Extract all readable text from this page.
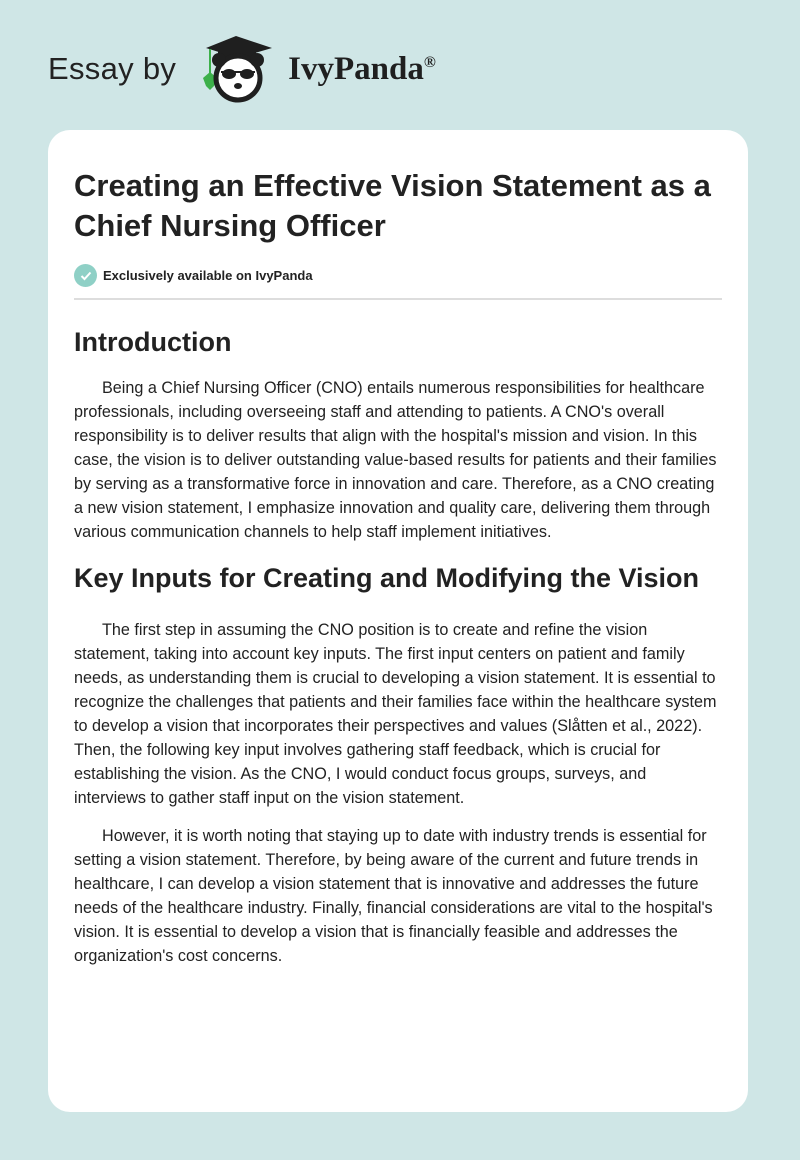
Essay by	IvyPanda®
Creating an Effective Vision Statement as a Chief Nursing Officer
Exclusively available on IvyPanda
Introduction

Being a Chief Nursing Officer (CNO) entails numerous responsibilities for healthcare professionals, including overseeing staff and attending to patients. A CNO's overall responsibility is to deliver results that align with the hospital's mission and vision. In this case, the vision is to deliver outstanding value-based results for patients and their families by serving as a transformative force in innovation and care. Therefore, as a CNO creating a new vision statement, I emphasize innovation and quality care, delivering them through various communication channels to help staff implement initiatives.

Key Inputs for Creating and Modifying the Vision

The first step in assuming the CNO position is to create and refine the vision statement, taking into account key inputs. The first input centers on patient and family needs, as understanding them is crucial to developing a vision statement. It is essential to recognize the challenges that patients and their families face within the healthcare system to develop a vision that incorporates their perspectives and values (Slåtten et al., 2022). Then, the following key input involves gathering staff feedback, which is crucial for establishing the vision. As the CNO, I would conduct focus groups, surveys, and interviews to gather staff input on the vision statement.

However, it is worth noting that staying up to date with industry trends is essential for setting a vision statement. Therefore, by being aware of the current and future trends in healthcare, I can develop a vision statement that is innovative and addresses the future needs of the healthcare industry. Finally, financial considerations are vital to the hospital's vision. It is essential to develop a vision that is financially feasible and addresses the organization's cost concerns.
